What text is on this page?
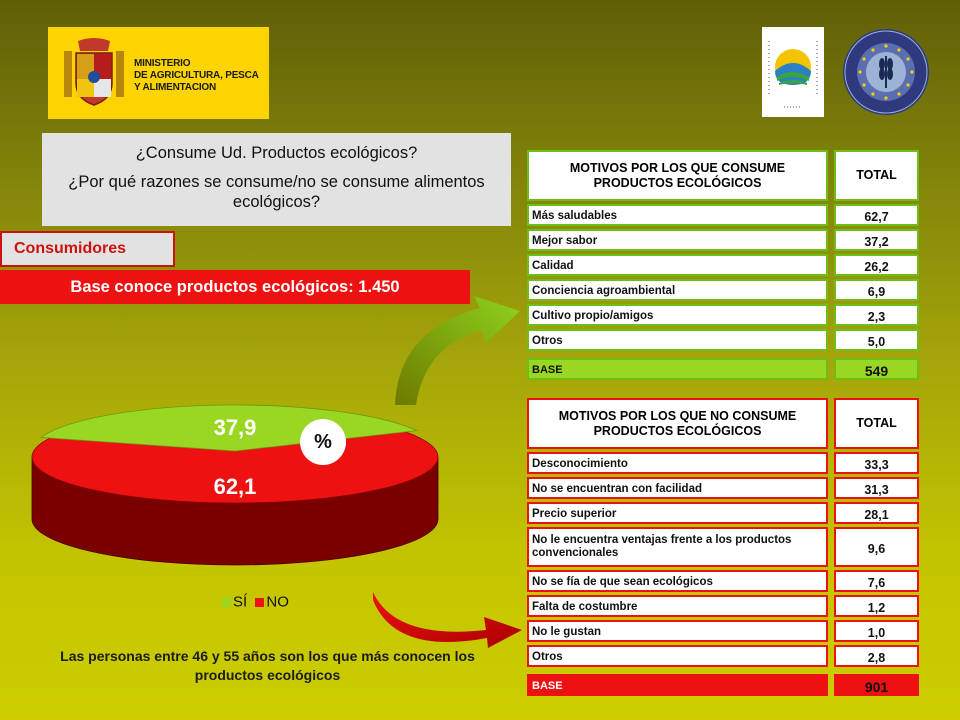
MINISTERIO
DE AGRICULTURA, PESCA
Y ALIMENTACION

¿Consume Ud. Productos ecológicos?

¿Por qué razones se consume/no se consume alimentos ecológicos?

Consumidores
Base conoce productos ecológicos: 1.450
37,9
62,1
%
SÍ NO
Las personas entre 46 y 55 años son los que más conocen los productos ecológicos
MOTIVOS POR LOS QUE CONSUME PRODUCTOS ECOLÓGICOS
TOTAL
Más saludables	62,7
Mejor sabor	37,2
Calidad	26,2
Conciencia agroambiental	6,9
Cultivo propio/amigos	2,3
Otros	5,0
BASE	549
MOTIVOS POR LOS QUE NO CONSUME PRODUCTOS ECOLÓGICOS
TOTAL
Desconocimiento	33,3
No se encuentran con facilidad	31,3
Precio superior	28,1
No le encuentra ventajas frente a los productos convencionales	9,6
No se fía de que sean ecológicos	7,6
Falta de costumbre	1,2
No le gustan	1,0
Otros	2,8
BASE	901
